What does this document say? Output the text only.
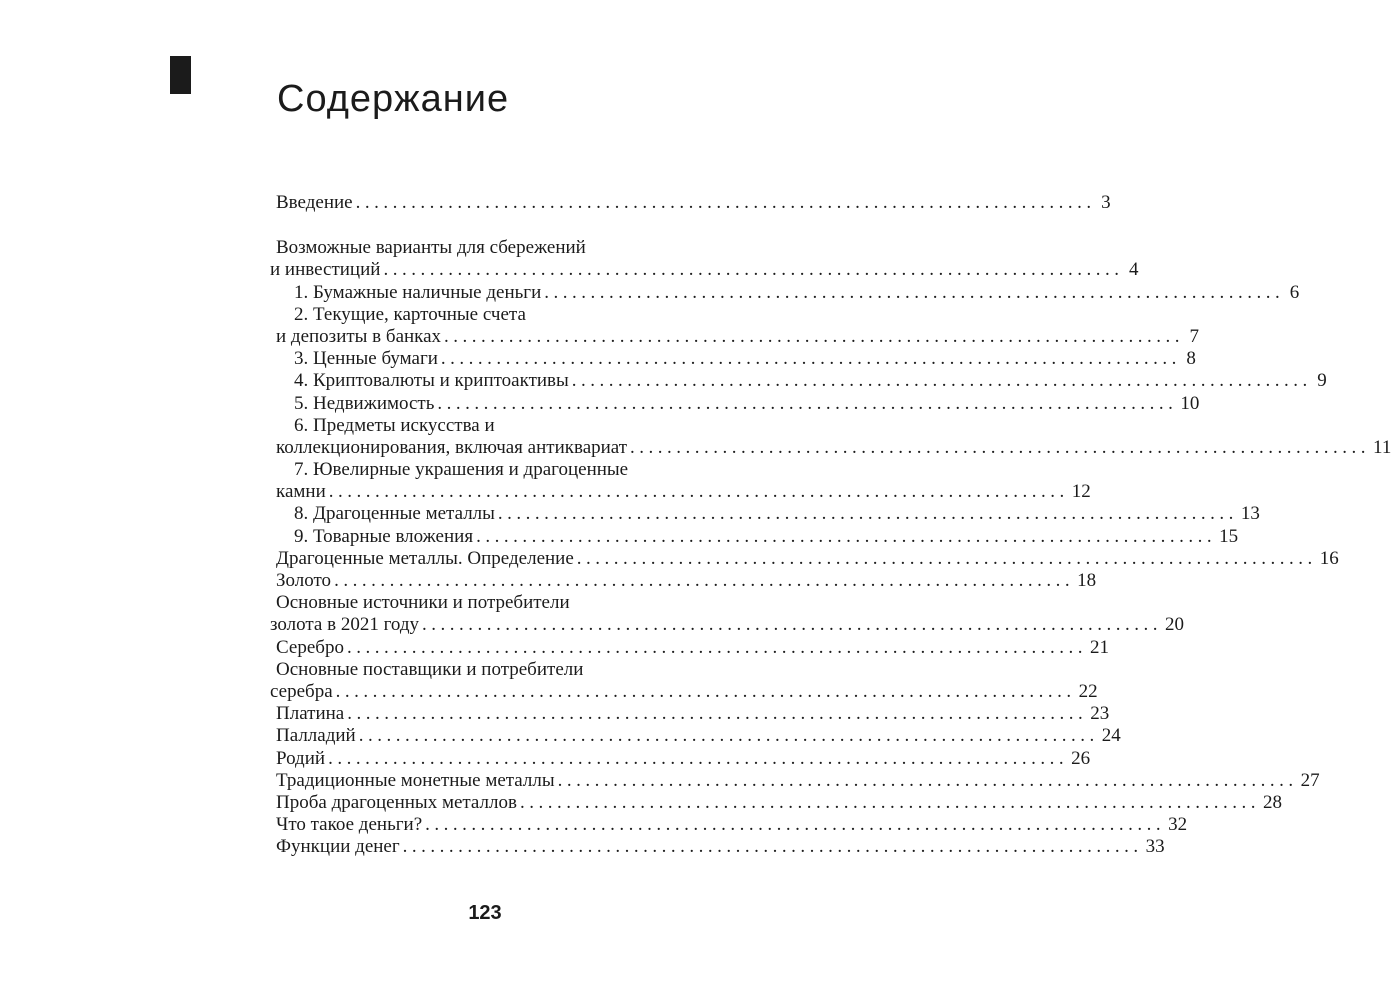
Содержание
Введение ................................................................................ 3
Возможные варианты для сбережений
и инвестиций ................................................................................ 4
1. Бумажные наличные деньги ................................................................................ 6
2. Текущие, карточные счета
и депозиты в банках ................................................................................ 7
3. Ценные бумаги ................................................................................ 8
4. Криптовалюты и криптоактивы ................................................................................ 9
5. Недвижимость ................................................................................ 10
6. Предметы искусства и
коллекционирования, включая антиквариат ................................................................................ 11
7. Ювелирные украшения и драгоценные
камни ................................................................................ 12
8. Драгоценные металлы ................................................................................ 13
9. Товарные вложения ................................................................................ 15
Драгоценные металлы. Определение ................................................................................ 16
Золото ................................................................................ 18
Основные источники и потребители
золота в 2021 году ................................................................................ 20
Серебро ................................................................................ 21
Основные поставщики и потребители
серебра ................................................................................ 22
Платина ................................................................................ 23
Палладий ................................................................................ 24
Родий ................................................................................ 26
Традиционные монетные металлы ................................................................................ 27
Проба драгоценных металлов ................................................................................ 28
Что такое деньги? ................................................................................ 32
Функции денег ................................................................................ 33
123
